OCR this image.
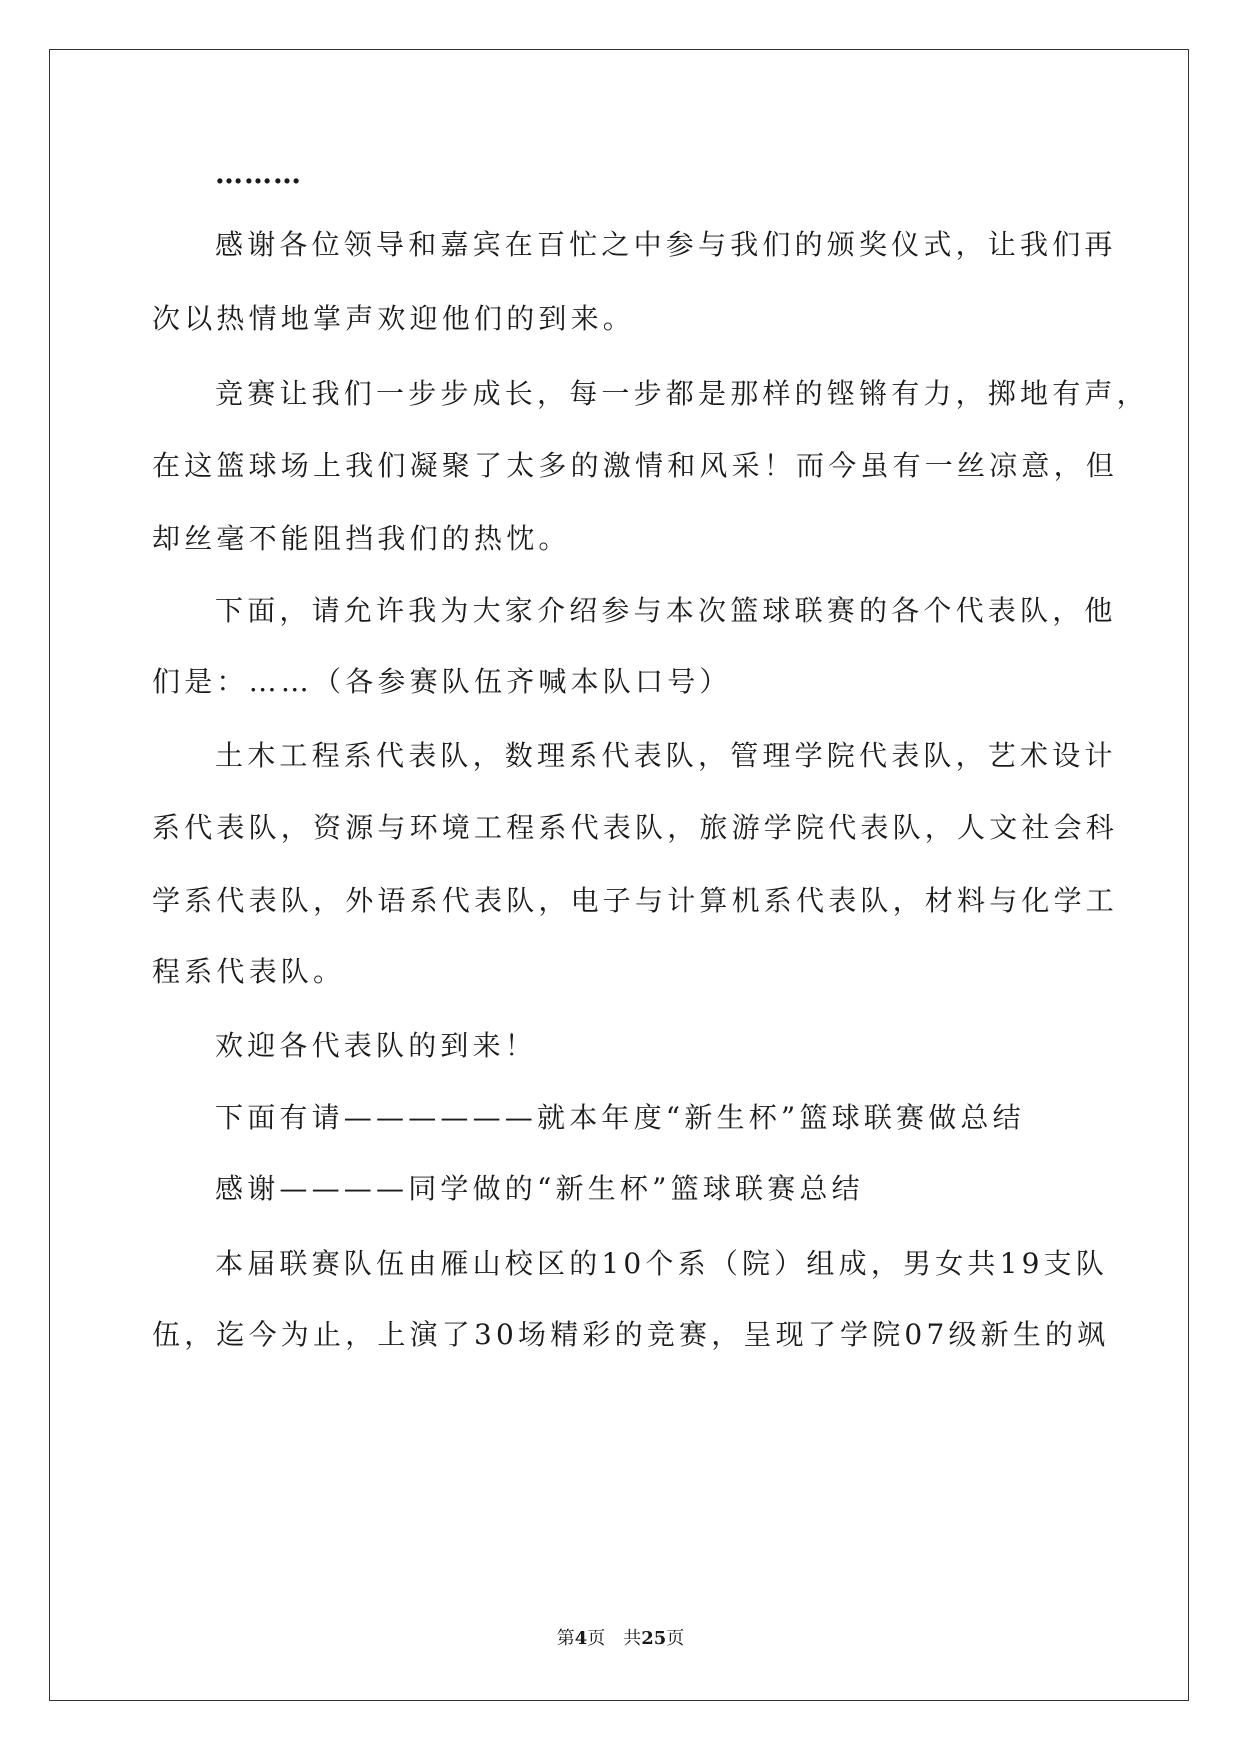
………
感谢各位领导和嘉宾在百忙之中参与我们的颁奖仪式，让我们再
次以热情地掌声欢迎他们的到来。
竞赛让我们一步步成长，每一步都是那样的铿锵有力，掷地有声，
在这篮球场上我们凝聚了太多的激情和风采！而今虽有一丝凉意，但
却丝毫不能阻挡我们的热忱。
下面，请允许我为大家介绍参与本次篮球联赛的各个代表队，他
们是：……（各参赛队伍齐喊本队口号）
土木工程系代表队，数理系代表队，管理学院代表队，艺术设计
系代表队，资源与环境工程系代表队，旅游学院代表队，人文社会科
学系代表队，外语系代表队，电子与计算机系代表队，材料与化学工
程系代表队。
欢迎各代表队的到来！
下面有请——————就本年度“新生杯”篮球联赛做总结
感谢————同学做的“新生杯”篮球联赛总结
本届联赛队伍由雁山校区的10个系（院）组成，男女共19支队
伍，迄今为止，上演了30场精彩的竞赛，呈现了学院07级新生的飒
第4页 共25页
